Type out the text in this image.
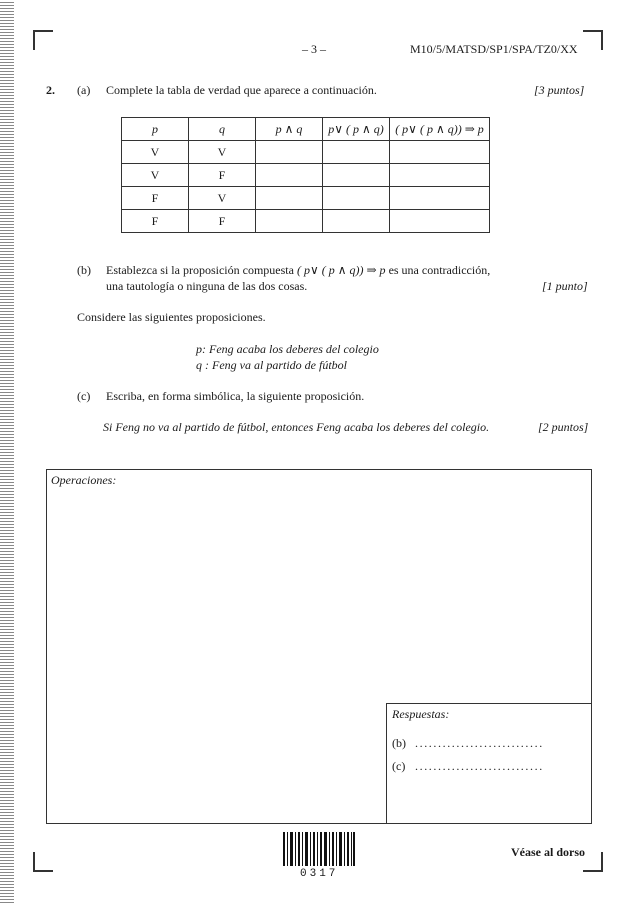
– 3 –	M10/5/MATSD/SP1/SPA/TZ0/XX
2. (a) Complete la tabla de verdad que aparece a continuación.	[3 puntos]
p	q	p ∧ q	p∨ ( p ∧ q)	( p∨ ( p ∧ q)) ⇒ p
V	V			
V	F			
F	V			
F	F			
(b) Establezca si la proposición compuesta ( p∨ ( p ∧ q)) ⇒ p es una contradicción,
una tautología o ninguna de las dos cosas.	[1 punto]
Considere las siguientes proposiciones.
p: Feng acaba los deberes del colegio
q : Feng va al partido de fútbol
(c) Escriba, en forma simbólica, la siguiente proposición.
Si Feng no va al partido de fútbol, entonces Feng acaba los deberes del colegio.	[2 puntos]
Operaciones:
Respuestas:
(b) ............................
(c) ............................
0317
Véase al dorso
